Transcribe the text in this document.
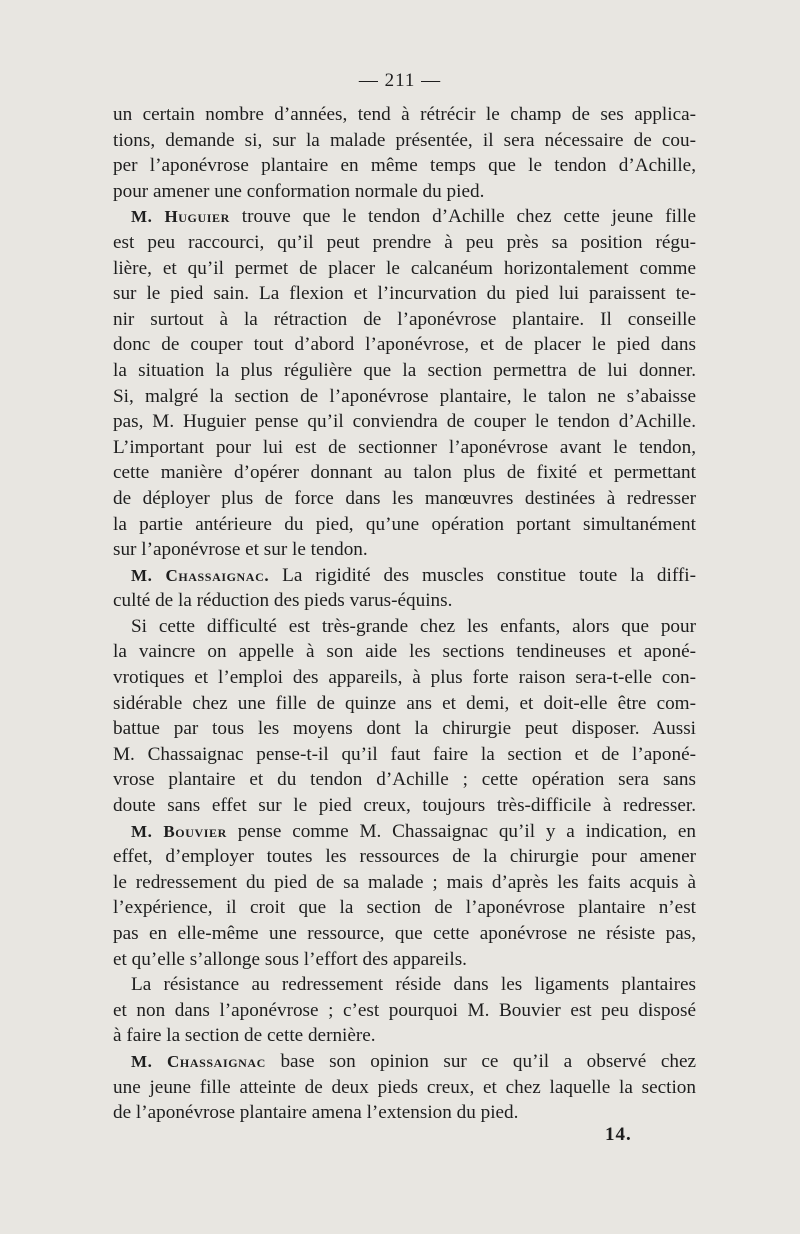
— 211 —
un certain nombre d’années, tend à rétrécir le champ de ses applica-
tions, demande si, sur la malade présentée, il sera nécessaire de cou-
per l’aponévrose plantaire en même temps que le tendon d’Achille,
pour amener une conformation normale du pied.
M. Huguier trouve que le tendon d’Achille chez cette jeune fille
est peu raccourci, qu’il peut prendre à peu près sa position régu-
lière, et qu’il permet de placer le calcanéum horizontalement comme
sur le pied sain. La flexion et l’incurvation du pied lui paraissent te-
nir surtout à la rétraction de l’aponévrose plantaire. Il conseille
donc de couper tout d’abord l’aponévrose, et de placer le pied dans
la situation la plus régulière que la section permettra de lui donner.
Si, malgré la section de l’aponévrose plantaire, le talon ne s’abaisse
pas, M. Huguier pense qu’il conviendra de couper le tendon d’Achille.
L’important pour lui est de sectionner l’aponévrose avant le tendon,
cette manière d’opérer donnant au talon plus de fixité et permettant
de déployer plus de force dans les manœuvres destinées à redresser
la partie antérieure du pied, qu’une opération portant simultanément
sur l’aponévrose et sur le tendon.
M. Chassaignac. La rigidité des muscles constitue toute la diffi-
culté de la réduction des pieds varus-équins.
Si cette difficulté est très-grande chez les enfants, alors que pour
la vaincre on appelle à son aide les sections tendineuses et aponé-
vrotiques et l’emploi des appareils, à plus forte raison sera-t-elle con-
sidérable chez une fille de quinze ans et demi, et doit-elle être com-
battue par tous les moyens dont la chirurgie peut disposer. Aussi
M. Chassaignac pense-t-il qu’il faut faire la section et de l’aponé-
vrose plantaire et du tendon d’Achille ; cette opération sera sans
doute sans effet sur le pied creux, toujours très-difficile à redresser.
M. Bouvier pense comme M. Chassaignac qu’il y a indication, en
effet, d’employer toutes les ressources de la chirurgie pour amener
le redressement du pied de sa malade ; mais d’après les faits acquis à
l’expérience, il croit que la section de l’aponévrose plantaire n’est
pas en elle-même une ressource, que cette aponévrose ne résiste pas,
et qu’elle s’allonge sous l’effort des appareils.
La résistance au redressement réside dans les ligaments plantaires
et non dans l’aponévrose ; c’est pourquoi M. Bouvier est peu disposé
à faire la section de cette dernière.
M. Chassaignac base son opinion sur ce qu’il a observé chez
une jeune fille atteinte de deux pieds creux, et chez laquelle la section
de l’aponévrose plantaire amena l’extension du pied.
14.
